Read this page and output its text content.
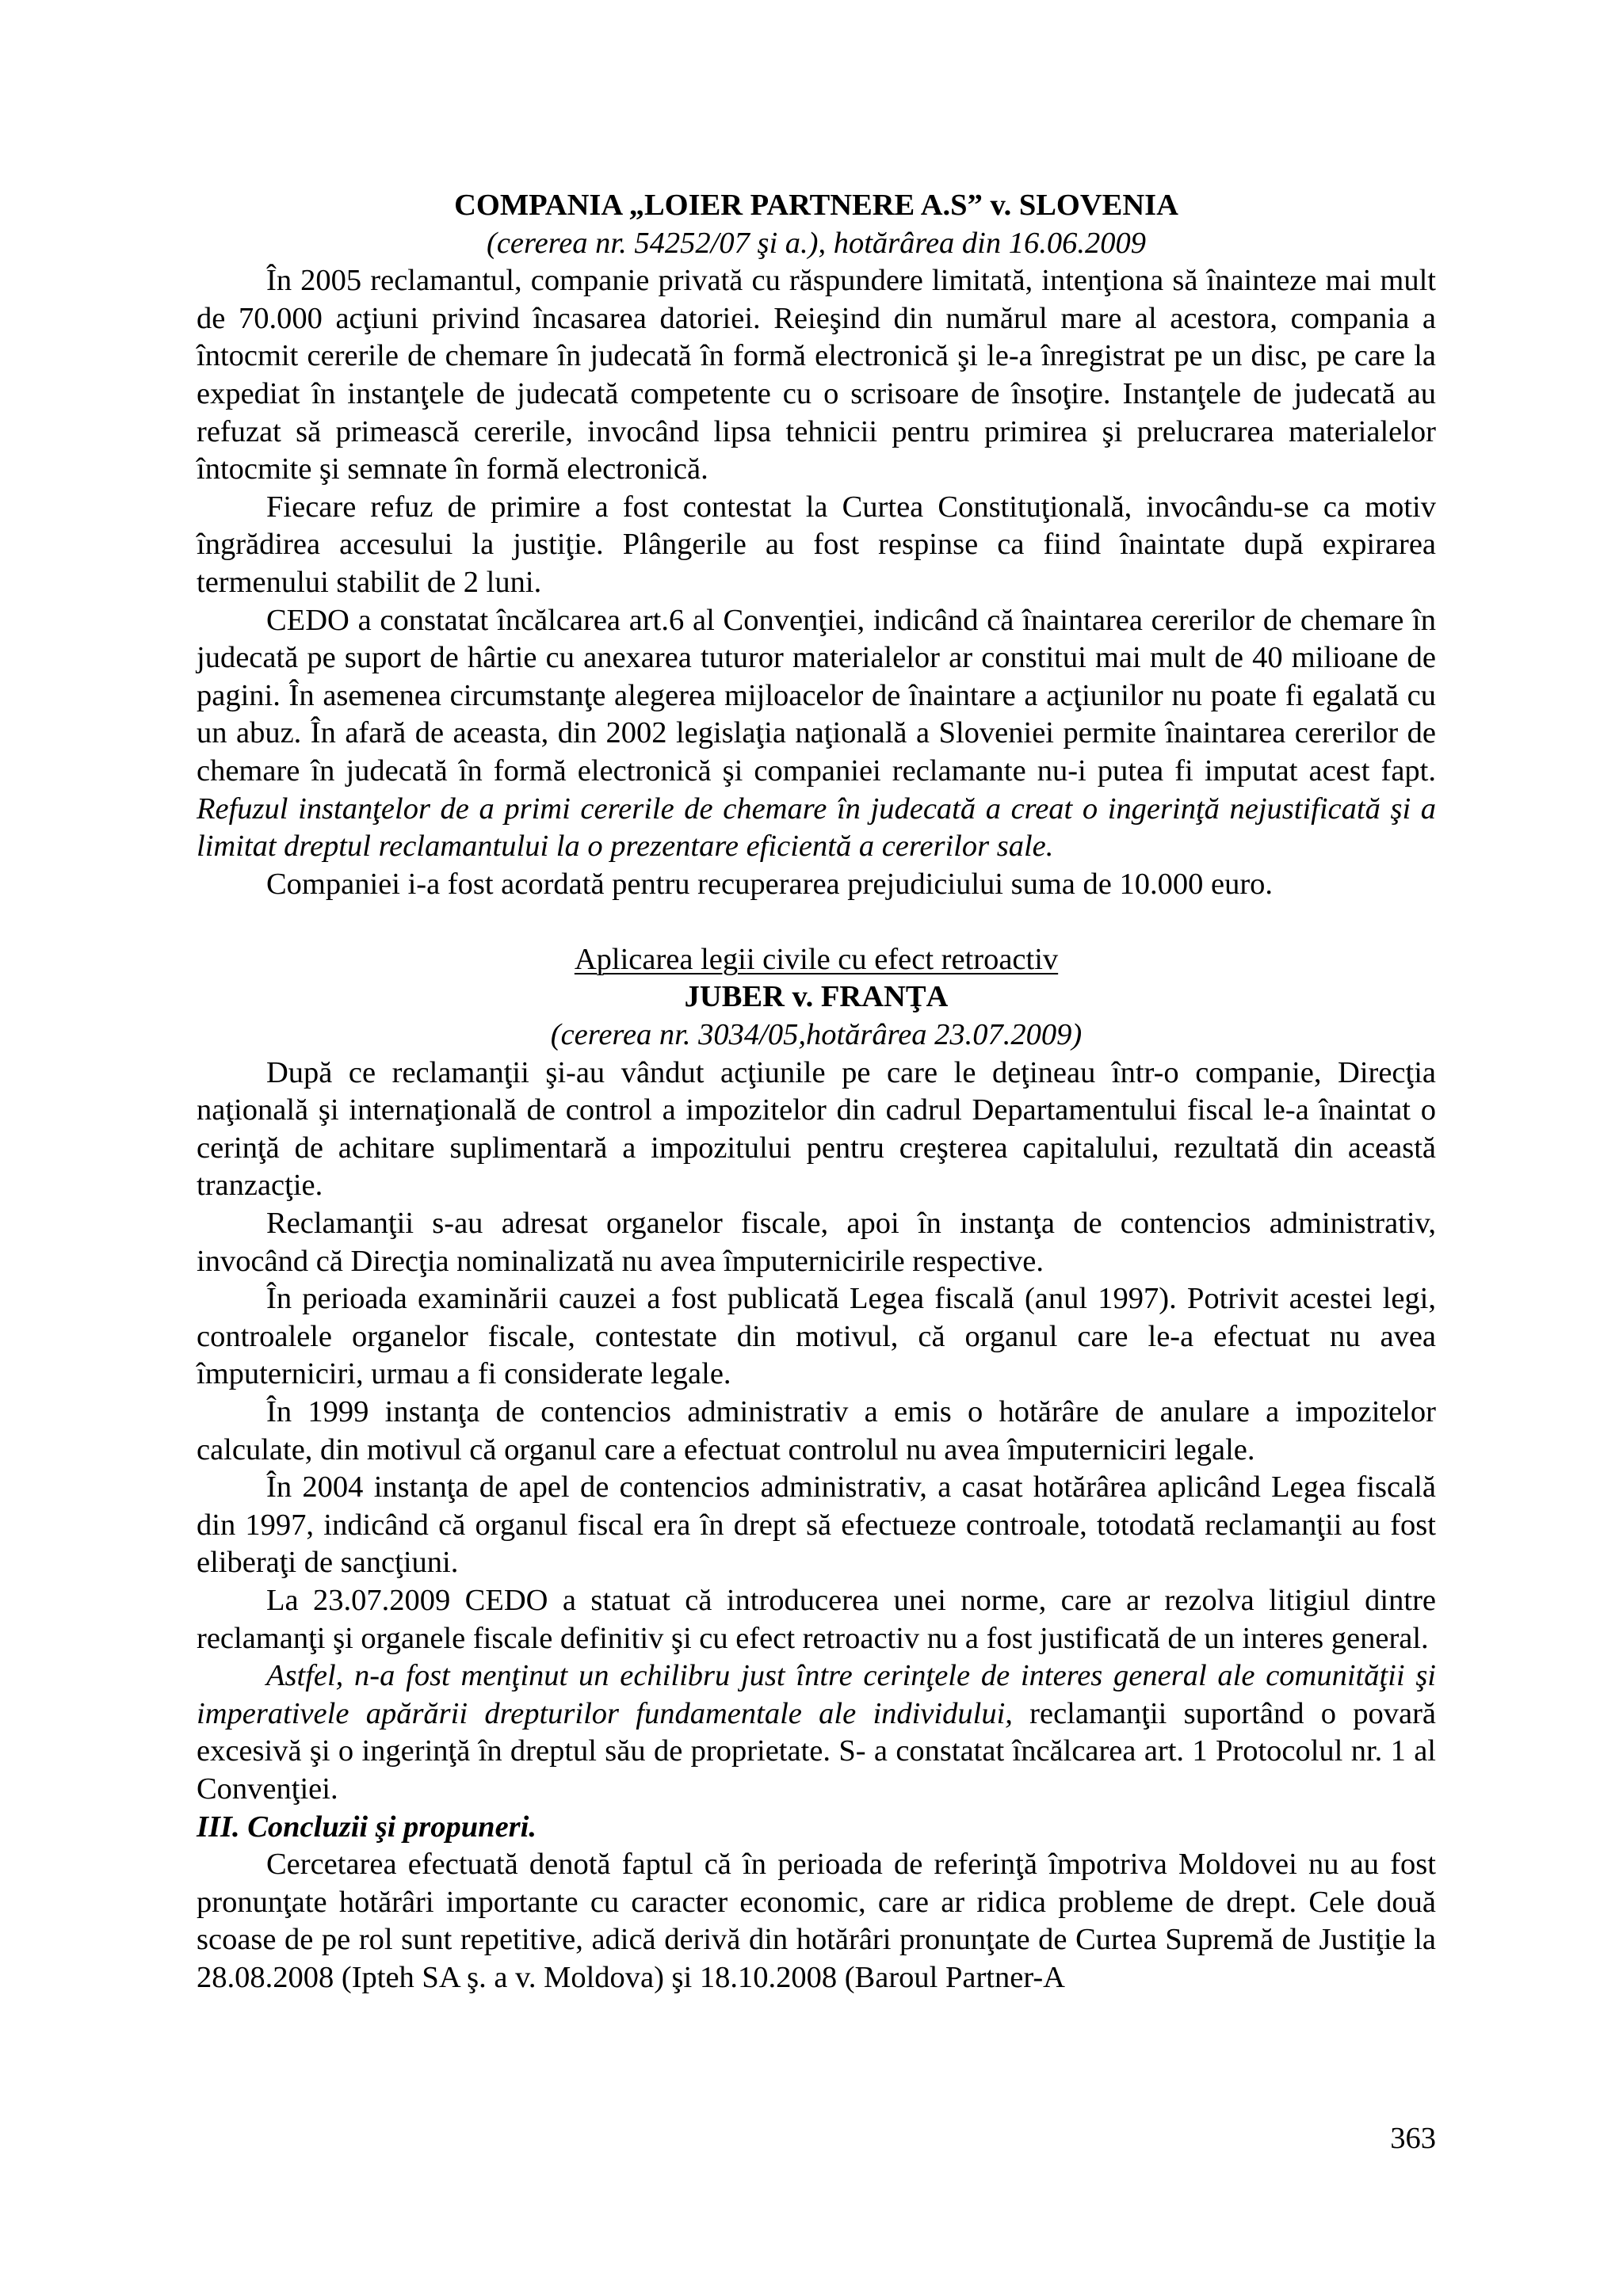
COMPANIA „LOIER PARTNERE A.S” v. SLOVENIA
(cererea nr. 54252/07 şi a.), hotărârea din 16.06.2009

În 2005 reclamantul, companie privată cu răspundere limitată, intenţiona să înainteze mai mult de 70.000 acţiuni privind încasarea datoriei. Reieşind din numărul mare al acestora, compania a întocmit cererile de chemare în judecată în formă electronică şi le-a înregistrat pe un disc, pe care la expediat în instanţele de judecată competente cu o scrisoare de însoţire. Instanţele de judecată au refuzat să primească cererile, invocând lipsa tehnicii pentru primirea şi prelucrarea materialelor întocmite şi semnate în formă electronică.

Fiecare refuz de primire a fost contestat la Curtea Constituţională, invocându-se ca motiv îngrădirea accesului la justiţie. Plângerile au fost respinse ca fiind înaintate după expirarea termenului stabilit de 2 luni.

CEDO a constatat încălcarea art.6 al Convenţiei, indicând că înaintarea cererilor de chemare în judecată pe suport de hârtie cu anexarea tuturor materialelor ar constitui mai mult de 40 milioane de pagini. În asemenea circumstanţe alegerea mijloacelor de înaintare a acţiunilor nu poate fi egalată cu un abuz. În afară de aceasta, din 2002 legislaţia naţională a Sloveniei permite înaintarea cererilor de chemare în judecată în formă electronică şi companiei reclamante nu-i putea fi imputat acest fapt. Refuzul instanţelor de a primi cererile de chemare în judecată a creat o ingerinţă nejustificată şi a limitat dreptul reclamantului la o prezentare eficientă a cererilor sale.

Companiei i-a fost acordată pentru recuperarea prejudiciului suma de 10.000 euro.

Aplicarea legii civile cu efect retroactiv
JUBER v. FRANŢA
(cererea nr. 3034/05,hotărârea 23.07.2009)

După ce reclamanţii şi-au vândut acţiunile pe care le deţineau într-o companie, Direcţia naţională şi internaţională de control a impozitelor din cadrul Departamentului fiscal le-a înaintat o cerinţă de achitare suplimentară a impozitului pentru creşterea capitalului, rezultată din această tranzacţie.

Reclamanţii s-au adresat organelor fiscale, apoi în instanţa de contencios administrativ, invocând că Direcţia nominalizată nu avea împuternicirile respective.

În perioada examinării cauzei a fost publicată Legea fiscală (anul 1997). Potrivit acestei legi, controalele organelor fiscale, contestate din motivul, că organul care le-a efectuat nu avea împuterniciri, urmau a fi considerate legale.

În 1999 instanţa de contencios administrativ a emis o hotărâre de anulare a impozitelor calculate, din motivul că organul care a efectuat controlul nu avea împuterniciri legale.

În 2004 instanţa de apel de contencios administrativ, a casat hotărârea aplicând Legea fiscală din 1997, indicând că organul fiscal era în drept să efectueze controale, totodată reclamanţii au fost eliberaţi de sancţiuni.

La 23.07.2009 CEDO a statuat că introducerea unei norme, care ar rezolva litigiul dintre reclamanţi şi organele fiscale definitiv şi cu efect retroactiv nu a fost justificată de un interes general.

Astfel, n-a fost menţinut un echilibru just între cerinţele de interes general ale comunităţii şi imperativele apărării drepturilor fundamentale ale individului, reclamanţii suportând o povară excesivă şi o ingerinţă în dreptul său de proprietate. S- a constatat încălcarea art. 1 Protocolul nr. 1 al Convenţiei.

III. Concluzii şi propuneri.

Cercetarea efectuată denotă faptul că în perioada de referinţă împotriva Moldovei nu au fost pronunţate hotărâri importante cu caracter economic, care ar ridica probleme de drept. Cele două scoase de pe rol sunt repetitive, adică derivă din hotărâri pronunţate de Curtea Supremă de Justiţie la 28.08.2008 (Ipteh SA ş. a v. Moldova) şi 18.10.2008 (Baroul Partner-A

363
